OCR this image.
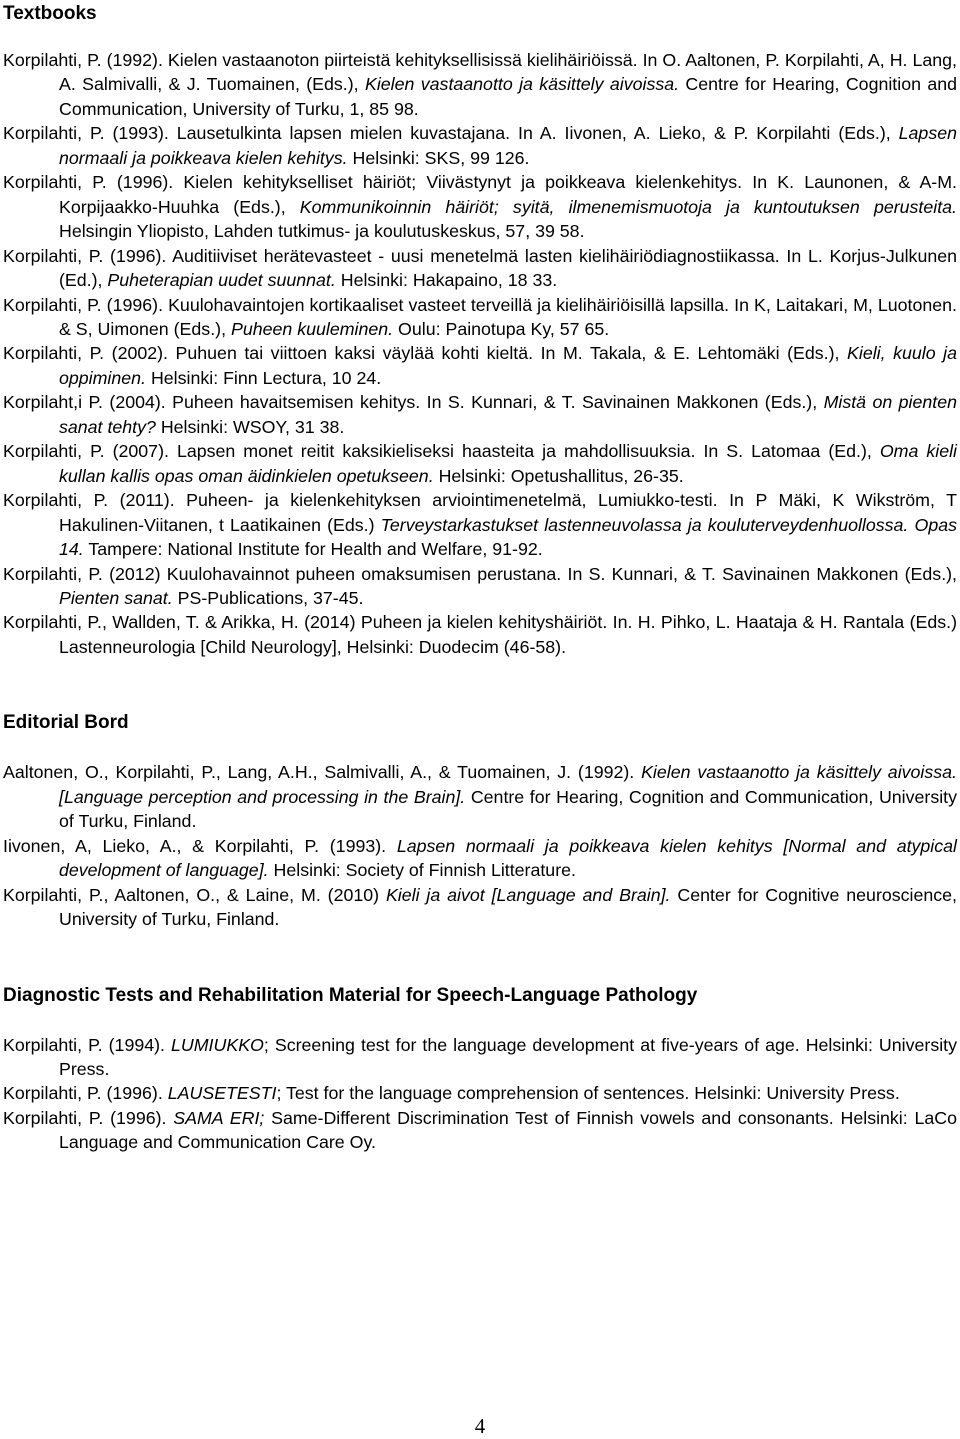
Textbooks
Korpilahti, P. (1992). Kielen vastaanoton piirteistä kehityksellisissä kielihäiriöissä. In O. Aaltonen, P. Korpilahti, A, H. Lang, A. Salmivalli, & J. Tuomainen, (Eds.), Kielen vastaanotto ja käsittely aivoissa. Centre for Hearing, Cognition and Communication, University of Turku, 1, 85 98.
Korpilahti, P. (1993). Lausetulkinta lapsen mielen kuvastajana. In A. Iivonen, A. Lieko, & P. Korpilahti (Eds.), Lapsen normaali ja poikkeava kielen kehitys. Helsinki: SKS, 99 126.
Korpilahti, P. (1996). Kielen kehitykselliset häiriöt; Viivästynyt ja poikkeava kielenkehitys. In K. Launonen, & A-M. Korpijaakko-Huuhka (Eds.), Kommunikoinnin häiriöt; syitä, ilmenemismuotoja ja kuntoutuksen perusteita. Helsingin Yliopisto, Lahden tutkimus- ja koulutuskeskus, 57, 39 58.
Korpilahti, P. (1996). Auditiiviset herätevasteet - uusi menetelmä lasten kielihäiriödiagnostiikassa. In L. Korjus-Julkunen (Ed.), Puheterapian uudet suunnat. Helsinki: Hakapaino, 18 33.
Korpilahti, P. (1996). Kuulohavaintojen kortikaaliset vasteet terveillä ja kielihäiriöisillä lapsilla. In K, Laitakari, M, Luotonen. & S, Uimonen (Eds.), Puheen kuuleminen. Oulu: Painotupa Ky, 57 65.
Korpilahti, P. (2002). Puhuen tai viittoen kaksi väylää kohti kieltä. In M. Takala, & E. Lehtomäki (Eds.), Kieli, kuulo ja oppiminen. Helsinki: Finn Lectura, 10 24.
Korpilaht,i P. (2004). Puheen havaitsemisen kehitys. In S. Kunnari, & T. Savinainen Makkonen (Eds.), Mistä on pienten sanat tehty? Helsinki: WSOY, 31 38.
Korpilahti, P. (2007). Lapsen monet reitit kaksikieliseksi haasteita ja mahdollisuuksia. In S. Latomaa (Ed.), Oma kieli kullan kallis opas oman äidinkielen opetukseen. Helsinki: Opetushallitus, 26-35.
Korpilahti, P. (2011). Puheen- ja kielenkehityksen arviointimenetelmä, Lumiukko-testi. In P Mäki, K Wikström, T Hakulinen-Viitanen, t Laatikainen (Eds.) Terveystarkastukset lastenneuvolassa ja kouluterveydenhuollossa. Opas 14. Tampere: National Institute for Health and Welfare, 91-92.
Korpilahti, P. (2012) Kuulohavainnot puheen omaksumisen perustana. In S. Kunnari, & T. Savinainen Makkonen (Eds.), Pienten sanat. PS-Publications, 37-45.
Korpilahti, P., Wallden, T. & Arikka, H. (2014) Puheen ja kielen kehityshäiriöt. In. H. Pihko, L. Haataja & H. Rantala (Eds.) Lastenneurologia [Child Neurology], Helsinki: Duodecim (46-58).
Editorial Bord
Aaltonen, O., Korpilahti, P., Lang, A.H., Salmivalli, A., & Tuomainen, J. (1992). Kielen vastaanotto ja käsittely aivoissa. [Language perception and processing in the Brain]. Centre for Hearing, Cognition and Communication, University of Turku, Finland.
Iivonen, A, Lieko, A., & Korpilahti, P. (1993). Lapsen normaali ja poikkeava kielen kehitys [Normal and atypical development of language]. Helsinki: Society of Finnish Litterature.
Korpilahti, P., Aaltonen, O., & Laine, M. (2010) Kieli ja aivot [Language and Brain]. Center for Cognitive neuroscience, University of Turku, Finland.
Diagnostic Tests and Rehabilitation Material for Speech-Language Pathology
Korpilahti, P. (1994). LUMIUKKO; Screening test for the language development at five-years of age. Helsinki: University Press.
Korpilahti, P. (1996). LAUSETESTI; Test for the language comprehension of sentences. Helsinki: University Press.
Korpilahti, P. (1996). SAMA ERI; Same-Different Discrimination Test of Finnish vowels and consonants. Helsinki: LaCo Language and Communication Care Oy.
4
